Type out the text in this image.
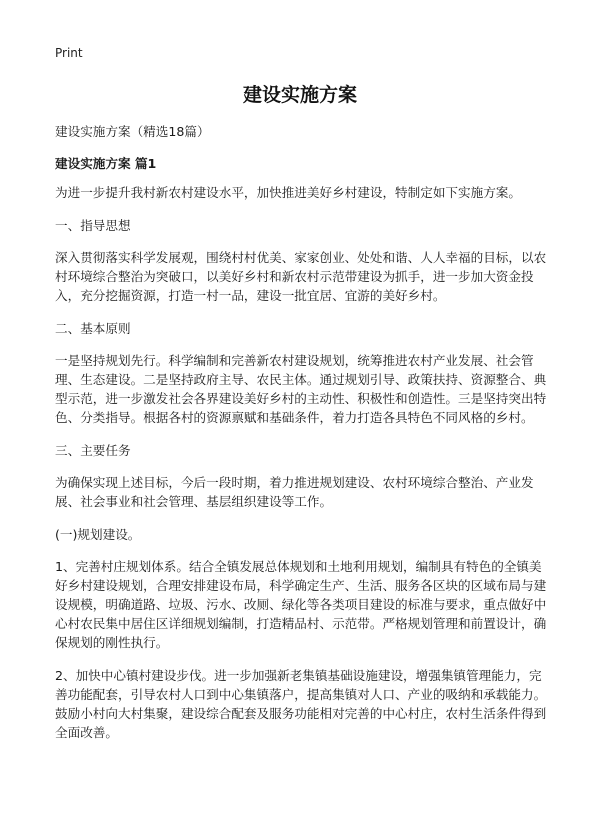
Print
建设实施方案

建设实施方案（精选18篇）

建设实施方案 篇1

为进一步提升我村新农村建设水平，加快推进美好乡村建设，特制定如下实施方案。

一、指导思想

深入贯彻落实科学发展观，围绕村村优美、家家创业、处处和谐、人人幸福的目标，以农村环境综合整治为突破口，以美好乡村和新农村示范带建设为抓手，进一步加大资金投入，充分挖掘资源，打造一村一品，建设一批宜居、宜游的美好乡村。

二、基本原则

一是坚持规划先行。科学编制和完善新农村建设规划，统筹推进农村产业发展、社会管理、生态建设。二是坚持政府主导、农民主体。通过规划引导、政策扶持、资源整合、典型示范，进一步激发社会各界建设美好乡村的主动性、积极性和创造性。三是坚持突出特色、分类指导。根据各村的资源禀赋和基础条件，着力打造各具特色不同风格的乡村。

三、主要任务

为确保实现上述目标，今后一段时期，着力推进规划建设、农村环境综合整治、产业发展、社会事业和社会管理、基层组织建设等工作。

(一)规划建设。

1、完善村庄规划体系。结合全镇发展总体规划和土地利用规划，编制具有特色的全镇美好乡村建设规划，合理安排建设布局，科学确定生产、生活、服务各区块的区域布局与建设规模，明确道路、垃圾、污水、改厕、绿化等各类项目建设的标准与要求，重点做好中心村农民集中居住区详细规划编制，打造精品村、示范带。严格规划管理和前置设计，确保规划的刚性执行。

2、加快中心镇村建设步伐。进一步加强新老集镇基础设施建设，增强集镇管理能力，完善功能配套，引导农村人口到中心集镇落户，提高集镇对人口、产业的吸纳和承载能力。鼓励小村向大村集聚，建设综合配套及服务功能相对完善的中心村庄，农村生活条件得到全面改善。
